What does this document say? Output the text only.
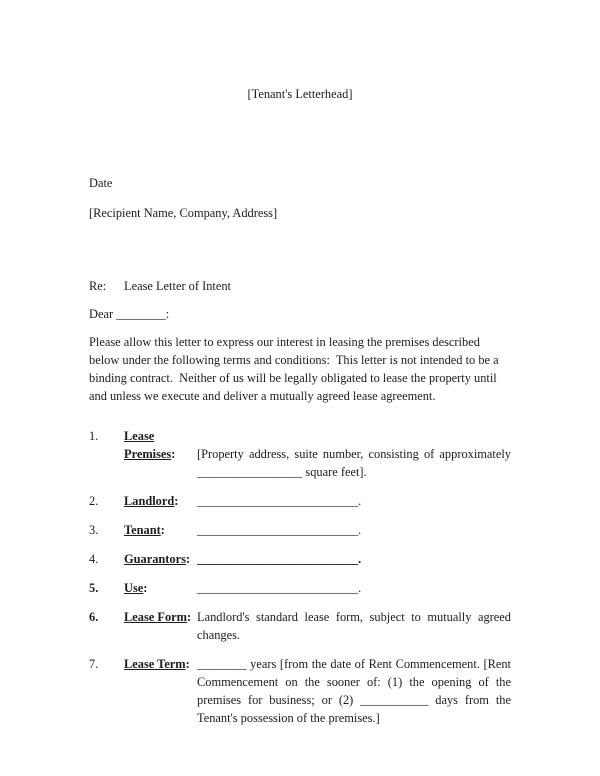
[Tenant's Letterhead]
Date
[Recipient Name, Company, Address]
Re:	Lease Letter of Intent
Dear ________:
Please allow this letter to express our interest in leasing the premises described below under the following terms and conditions:  This letter is not intended to be a binding contract.  Neither of us will be legally obligated to lease the property until and unless we execute and deliver a mutually agreed lease agreement.
1.	Lease Premises:	[Property address, suite number, consisting of approximately _________________ square feet].
2.	Landlord:	__________________________.
3.	Tenant:	__________________________.
4.	Guarantors: __________________________.
5.	Use:	__________________________.
6.	Lease Form: Landlord's standard lease form, subject to mutually agreed changes.
7.	Lease Term: ________ years [from the date of Rent Commencement. [Rent Commencement on the sooner of: (1) the opening of the premises for business; or (2) ___________ days from the Tenant's possession of the premises.]
